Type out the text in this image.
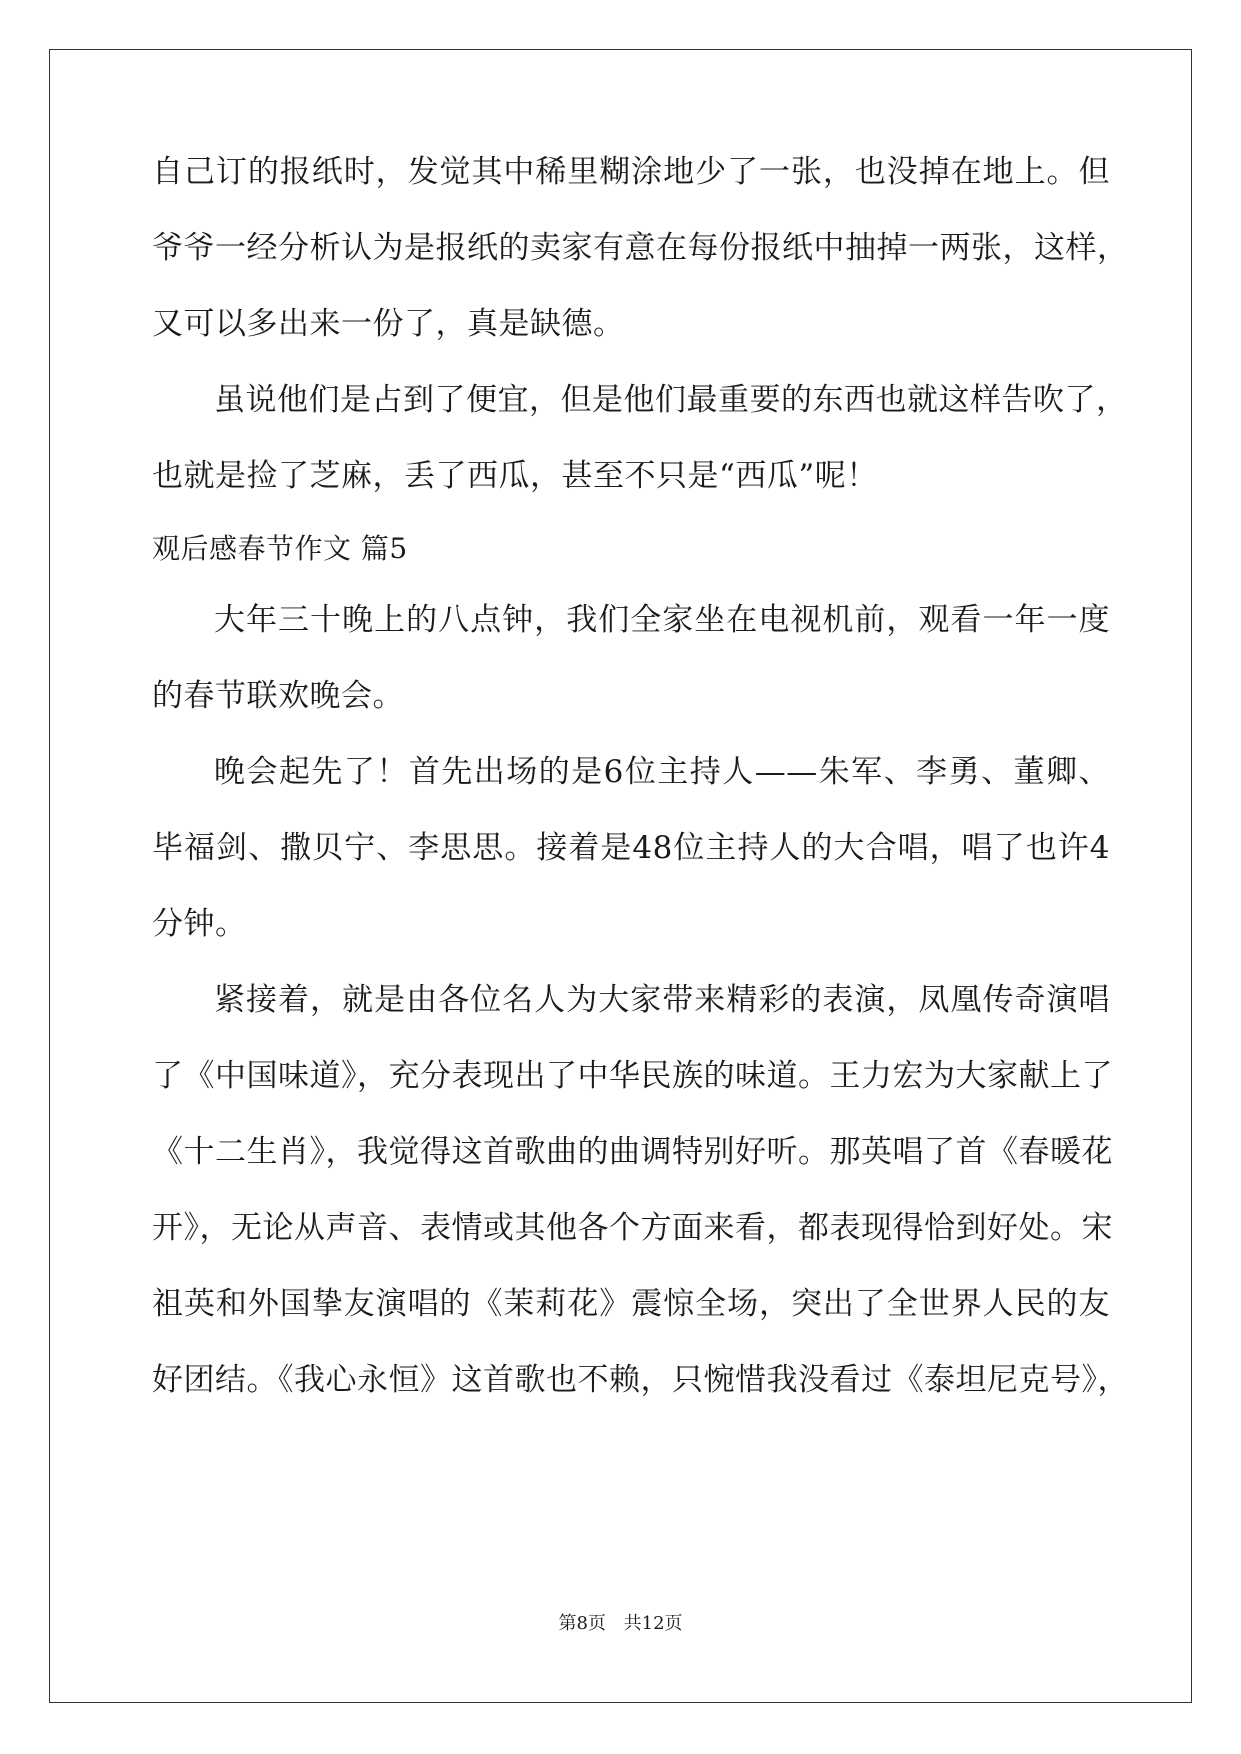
自己订的报纸时，发觉其中稀里糊涂地少了一张，也没掉在地上。但
爷爷一经分析认为是报纸的卖家有意在每份报纸中抽掉一两张，这样，
又可以多出来一份了，真是缺德。
虽说他们是占到了便宜，但是他们最重要的东西也就这样告吹了，
也就是捡了芝麻，丢了西瓜，甚至不只是“西瓜”呢！
观后感春节作文 篇5
大年三十晚上的八点钟，我们全家坐在电视机前，观看一年一度
的春节联欢晚会。
晚会起先了！首先出场的是6位主持人——朱军、李勇、董卿、
毕福剑、撒贝宁、李思思。接着是48位主持人的大合唱，唱了也许4
分钟。
紧接着，就是由各位名人为大家带来精彩的表演，凤凰传奇演唱
了《中国味道》，充分表现出了中华民族的味道。王力宏为大家献上了
《十二生肖》，我觉得这首歌曲的曲调特别好听。那英唱了首《春暖花
开》，无论从声音、表情或其他各个方面来看，都表现得恰到好处。宋
祖英和外国挚友演唱的《茉莉花》震惊全场，突出了全世界人民的友
好团结。《我心永恒》这首歌也不赖，只惋惜我没看过《泰坦尼克号》，
第8页 共12页
